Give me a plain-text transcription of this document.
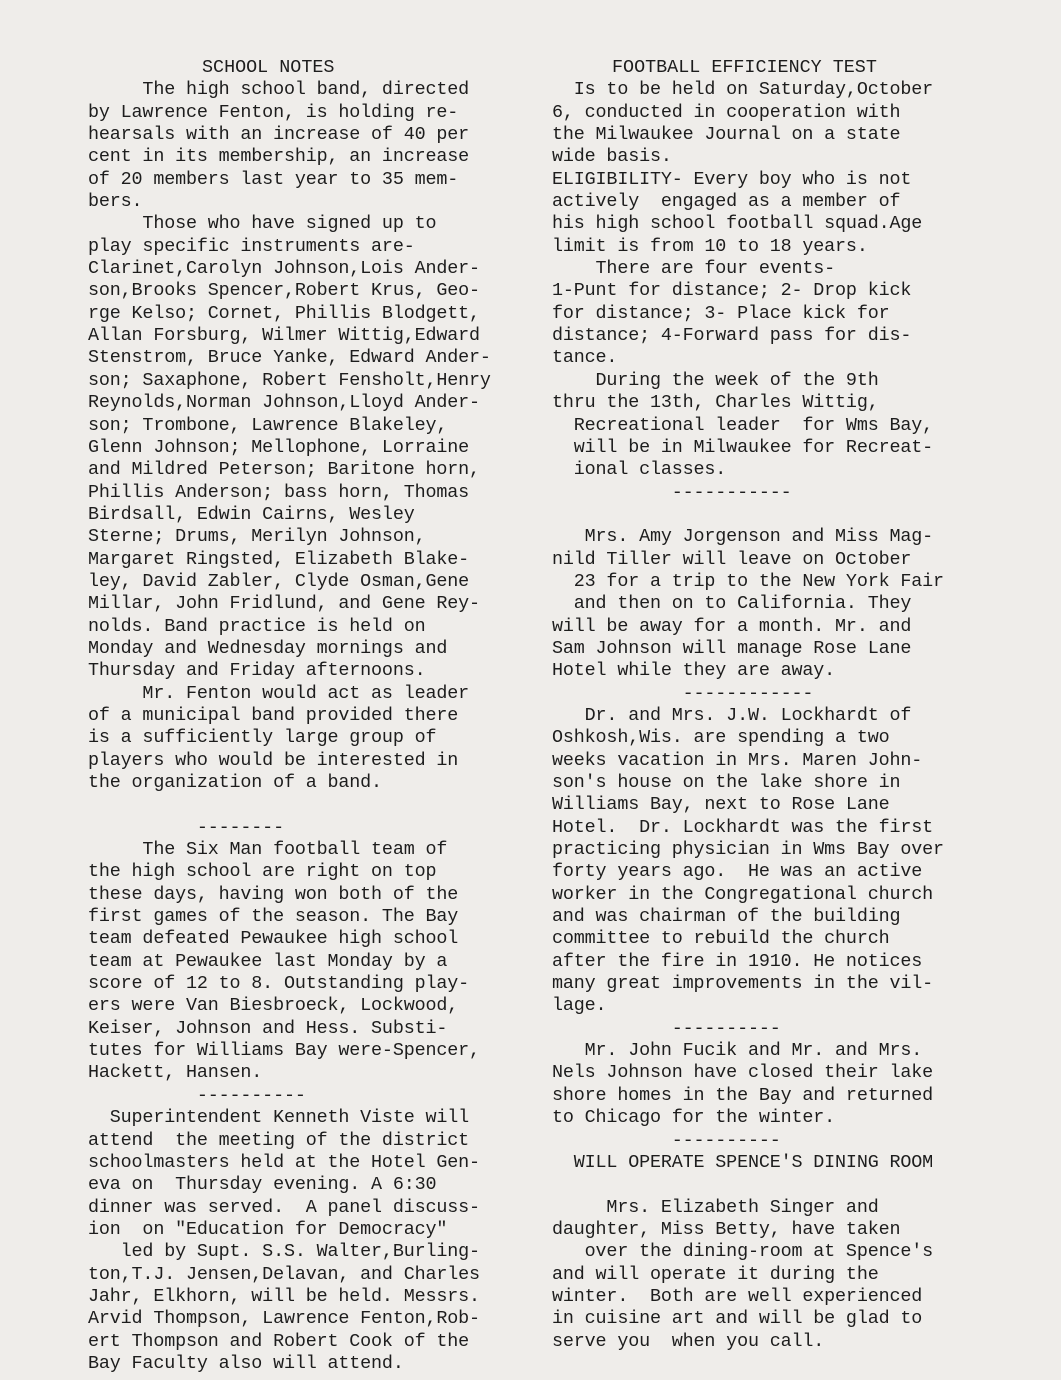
SCHOOL NOTES
The high school band, directed
by Lawrence Fenton, is holding re-
hearsals with an increase of 40 per
cent in its membership, an increase
of 20 members last year to 35 mem-
bers.
Those who have signed up to
play specific instruments are-
Clarinet,Carolyn Johnson,Lois Ander-
son,Brooks Spencer,Robert Krus, Geo-
rge Kelso; Cornet, Phillis Blodgett,
Allan Forsburg, Wilmer Wittig,Edward
Stenstrom, Bruce Yanke, Edward Ander-
son; Saxaphone, Robert Fensholt,Henry
Reynolds,Norman Johnson,Lloyd Ander-
son; Trombone, Lawrence Blakeley,
Glenn Johnson; Mellophone, Lorraine
and Mildred Peterson; Baritone horn,
Phillis Anderson; bass horn, Thomas
Birdsall, Edwin Cairns, Wesley
Sterne; Drums, Merilyn Johnson,
Margaret Ringsted, Elizabeth Blake-
ley, David Zabler, Clyde Osman,Gene
Millar, John Fridlund, and Gene Rey-
nolds. Band practice is held on
Monday and Wednesday mornings and
Thursday and Friday afternoons.
Mr. Fenton would act as leader
of a municipal band provided there
is a sufficiently large group of
players who would be interested in
the organization of a band.
--------
The Six Man football team of
the high school are right on top
these days, having won both of the
first games of the season. The Bay
team defeated Pewaukee high school
team at Pewaukee last Monday by a
score of 12 to 8. Outstanding play-
ers were Van Biesbroeck, Lockwood,
Keiser, Johnson and Hess. Substi-
tutes for Williams Bay were-Spencer,
Hackett, Hansen.
----------
Superintendent Kenneth Viste will
attend  the meeting of the district
schoolmasters held at the Hotel Gen-
eva on  Thursday evening. A 6:30
dinner was served.  A panel discuss-
ion  on "Education for Democracy"
led by Supt. S.S. Walter,Burling-
ton,T.J. Jensen,Delavan, and Charles
Jahr, Elkhorn, will be held. Messrs.
Arvid Thompson, Lawrence Fenton,Rob-
ert Thompson and Robert Cook of the
Bay Faculty also will attend.
FOOTBALL EFFICIENCY TEST
Is to be held on Saturday,October
6, conducted in cooperation with
the Milwaukee Journal on a state
wide basis.
ELIGIBILITY- Every boy who is not
actively  engaged as a member of
his high school football squad.Age
limit is from 10 to 18 years.
There are four events-
1-Punt for distance; 2- Drop kick
for distance; 3- Place kick for
distance; 4-Forward pass for dis-
tance.
During the week of the 9th
thru the 13th, Charles Wittig,
Recreational leader  for Wms Bay,
will be in Milwaukee for Recreat-
ional classes.
-----------
Mrs. Amy Jorgenson and Miss Mag-
nild Tiller will leave on October
23 for a trip to the New York Fair
and then on to California. They
will be away for a month. Mr. and
Sam Johnson will manage Rose Lane
Hotel while they are away.
------------
Dr. and Mrs. J.W. Lockhardt of
Oshkosh,Wis. are spending a two
weeks vacation in Mrs. Maren John-
son's house on the lake shore in
Williams Bay, next to Rose Lane
Hotel.  Dr. Lockhardt was the first
practicing physician in Wms Bay over
forty years ago.  He was an active
worker in the Congregational church
and was chairman of the building
committee to rebuild the church
after the fire in 1910. He notices
many great improvements in the vil-
lage.
----------
Mr. John Fucik and Mr. and Mrs.
Nels Johnson have closed their lake
shore homes in the Bay and returned
to Chicago for the winter.
----------
WILL OPERATE SPENCE'S DINING ROOM
Mrs. Elizabeth Singer and
daughter, Miss Betty, have taken
over the dining-room at Spence's
and will operate it during the
winter.  Both are well experienced
in cuisine art and will be glad to
serve you  when you call.
